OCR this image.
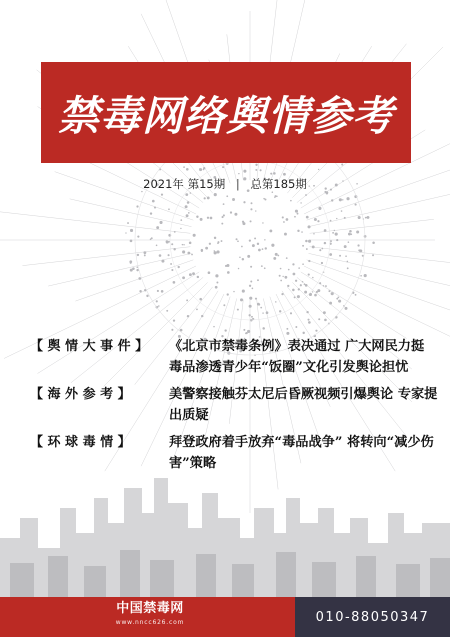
禁毒网络舆情参考
2021年 第15期 | 总第185期
【 舆 情 大 事 件 】	《北京市禁毒条例》表决通过 广大网民力挺
毒品渗透青少年“饭圈”文化引发舆论担忧
【 海 外 参 考 】	美警察接触芬太尼后昏厥视频引爆舆论 专家提出质疑
【 环 球 毒 情 】	拜登政府着手放弃“毒品战争” 将转向“减少伤害”策略
中国禁毒网
www.nncc626.com	010-88050347
